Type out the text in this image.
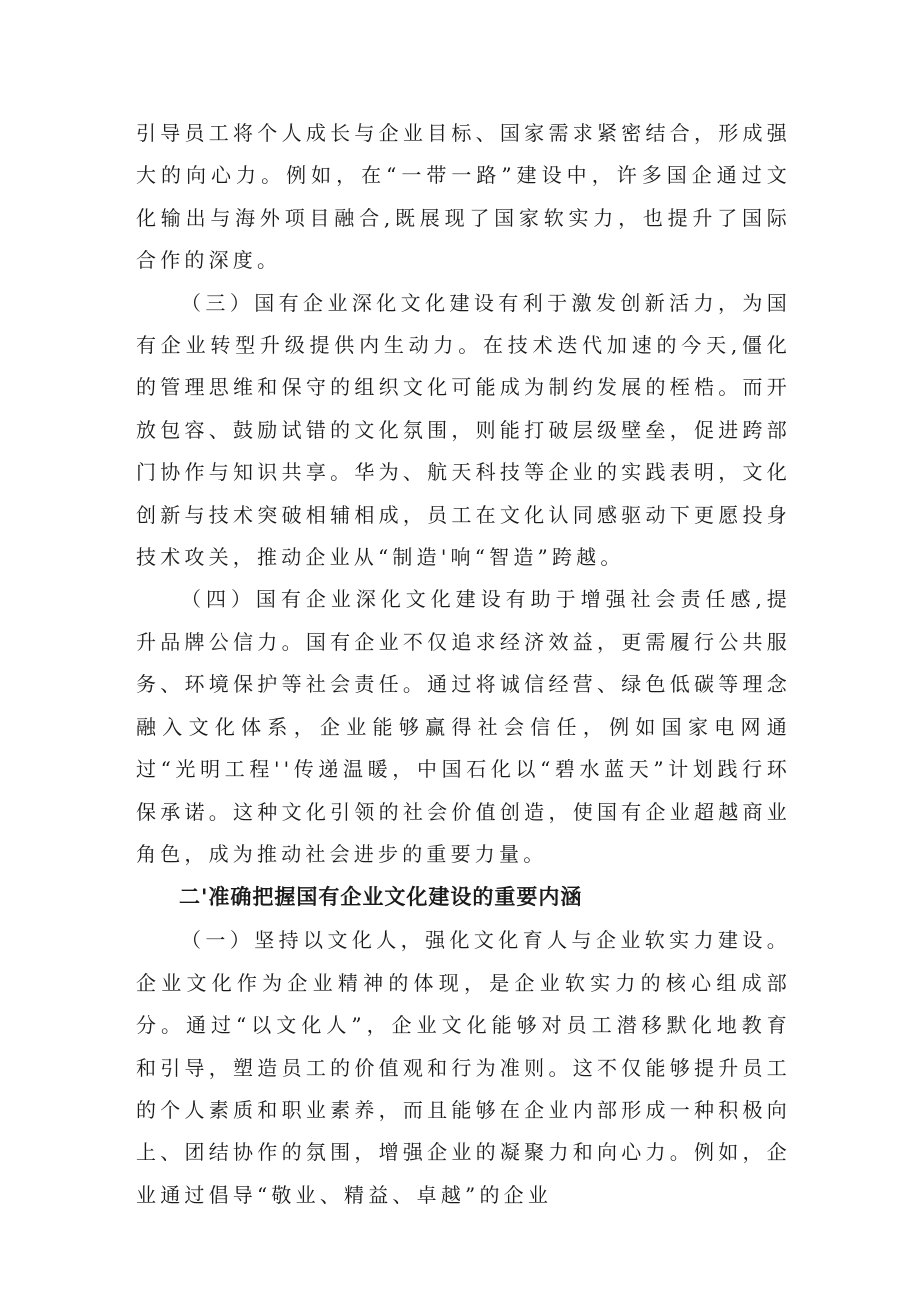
引导员工将个人成长与企业目标、国家需求紧密结合，形成强大的向心力。例如，在“一带一路”建设中，许多国企通过文化输出与海外项目融合,既展现了国家软实力，也提升了国际合作的深度。

（三）国有企业深化文化建设有利于激发创新活力，为国有企业转型升级提供内生动力。在技术迭代加速的今天,僵化的管理思维和保守的组织文化可能成为制约发展的桎梏。而开放包容、鼓励试错的文化氛围，则能打破层级壁垒，促进跨部门协作与知识共享。华为、航天科技等企业的实践表明，文化创新与技术突破相辅相成，员工在文化认同感驱动下更愿投身技术攻关，推动企业从“制造'响“智造”跨越。

（四）国有企业深化文化建设有助于增强社会责任感,提升品牌公信力。国有企业不仅追求经济效益，更需履行公共服务、环境保护等社会责任。通过将诚信经营、绿色低碳等理念融入文化体系，企业能够赢得社会信任，例如国家电网通过“光明工程''传递温暖，中国石化以“碧水蓝天”计划践行环保承诺。这种文化引领的社会价值创造，使国有企业超越商业角色，成为推动社会进步的重要力量。

二'准确把握国有企业文化建设的重要内涵

（一）坚持以文化人，强化文化育人与企业软实力建设。企业文化作为企业精神的体现，是企业软实力的核心组成部分。通过“以文化人”，企业文化能够对员工潜移默化地教育和引导，塑造员工的价值观和行为准则。这不仅能够提升员工的个人素质和职业素养，而且能够在企业内部形成一种积极向上、团结协作的氛围，增强企业的凝聚力和向心力。例如，企业通过倡导“敬业、精益、卓越”的企业
